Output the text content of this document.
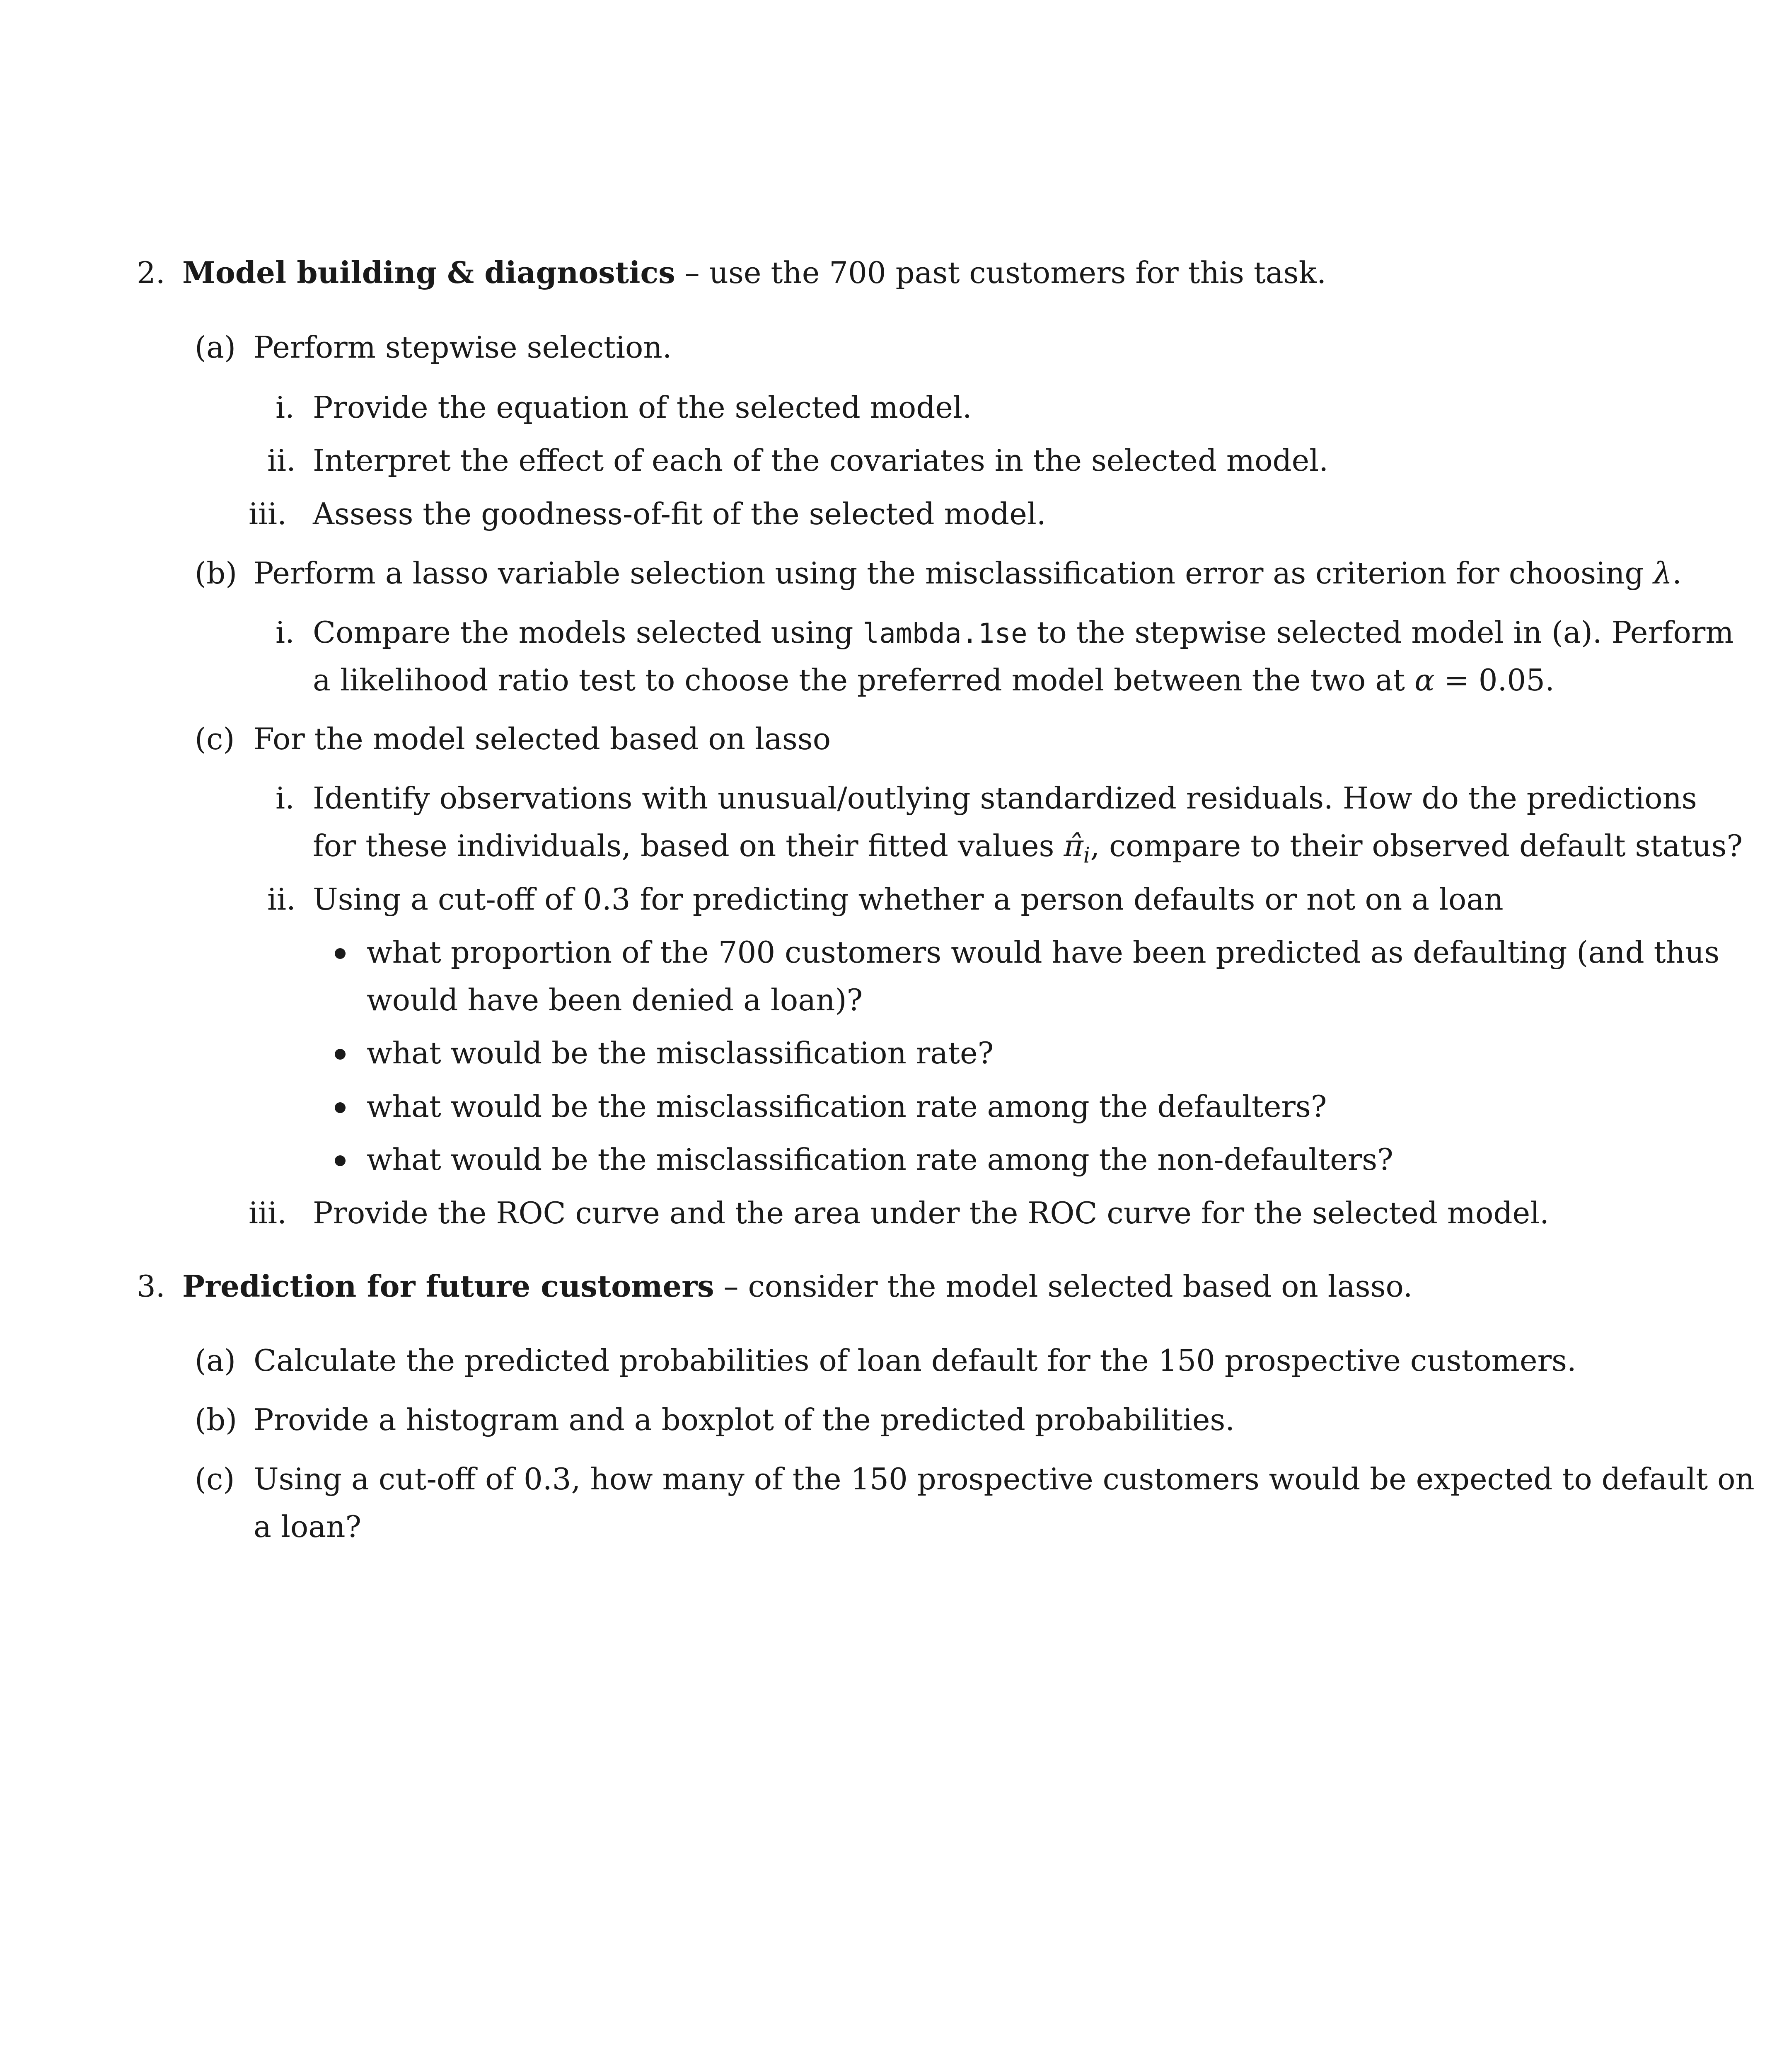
2. Model building & diagnostics – use the 700 past customers for this task.
(a) Perform stepwise selection.
i. Provide the equation of the selected model.
ii. Interpret the effect of each of the covariates in the selected model.
iii. Assess the goodness-of-fit of the selected model.
(b) Perform a lasso variable selection using the misclassification error as criterion for choosing λ.
i. Compare the models selected using lambda.1se to the stepwise selected model in (a). Perform
a likelihood ratio test to choose the preferred model between the two at α = 0.05.
(c) For the model selected based on lasso
i. Identify observations with unusual/outlying standardized residuals. How do the predictions
for these individuals, based on their fitted values $\pî_i$, compare to their observed default status?
ii. Using a cut-off of 0.3 for predicting whether a person defaults or not on a loan
what proportion of the 700 customers would have been predicted as defaulting (and thus
would have been denied a loan)?
what would be the misclassification rate?
what would be the misclassification rate among the defaulters?
what would be the misclassification rate among the non-defaulters?
iii. Provide the ROC curve and the area under the ROC curve for the selected model.
3. Prediction for future customers – consider the model selected based on lasso.
(a) Calculate the predicted probabilities of loan default for the 150 prospective customers.
(b) Provide a histogram and a boxplot of the predicted probabilities.
(c) Using a cut-off of 0.3, how many of the 150 prospective customers would be expected to default on
a loan?
